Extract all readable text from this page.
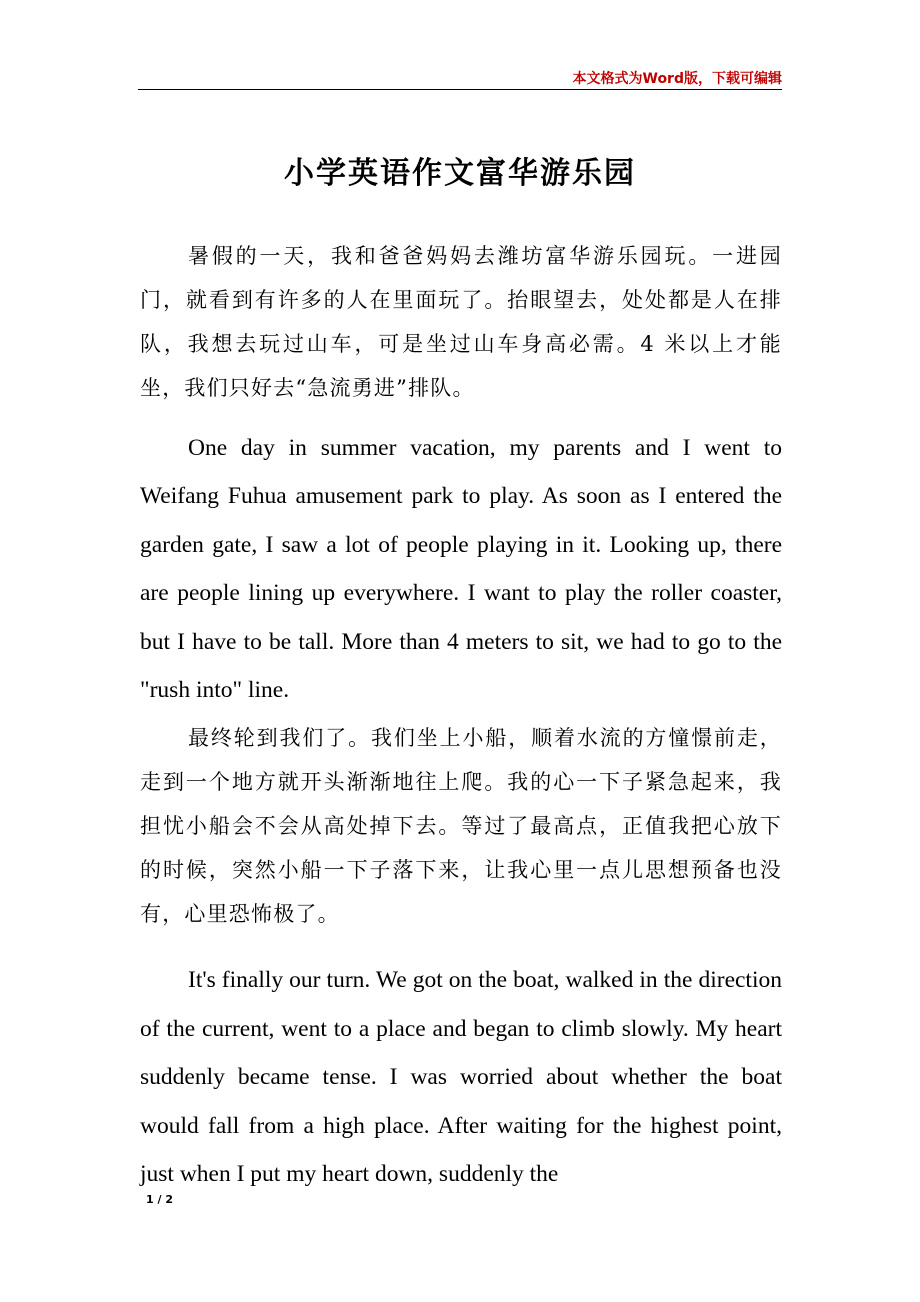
本文格式为Word版，下载可编辑
小学英语作文富华游乐园

暑假的一天，我和爸爸妈妈去潍坊富华游乐园玩。一进园门，就看到有许多的人在里面玩了。抬眼望去，处处都是人在排队，我想去玩过山车，可是坐过山车身高必需。4 米以上才能坐，我们只好去“急流勇进”排队。

One day in summer vacation, my parents and I went to Weifang Fuhua amusement park to play. As soon as I entered the garden gate, I saw a lot of people playing in it. Looking up, there are people lining up everywhere. I want to play the roller coaster, but I have to be tall. More than 4 meters to sit, we had to go to the "rush into" line.

最终轮到我们了。我们坐上小船，顺着水流的方憧憬前走，走到一个地方就开头渐渐地往上爬。我的心一下子紧急起来，我担忧小船会不会从高处掉下去。等过了最高点，正值我把心放下的时候，突然小船一下子落下来，让我心里一点儿思想预备也没有，心里恐怖极了。

It's finally our turn. We got on the boat, walked in the direction of the current, went to a place and began to climb slowly. My heart suddenly became tense. I was worried about whether the boat would fall from a high place. After waiting for the highest point, just when I put my heart down, suddenly the

1 / 2
